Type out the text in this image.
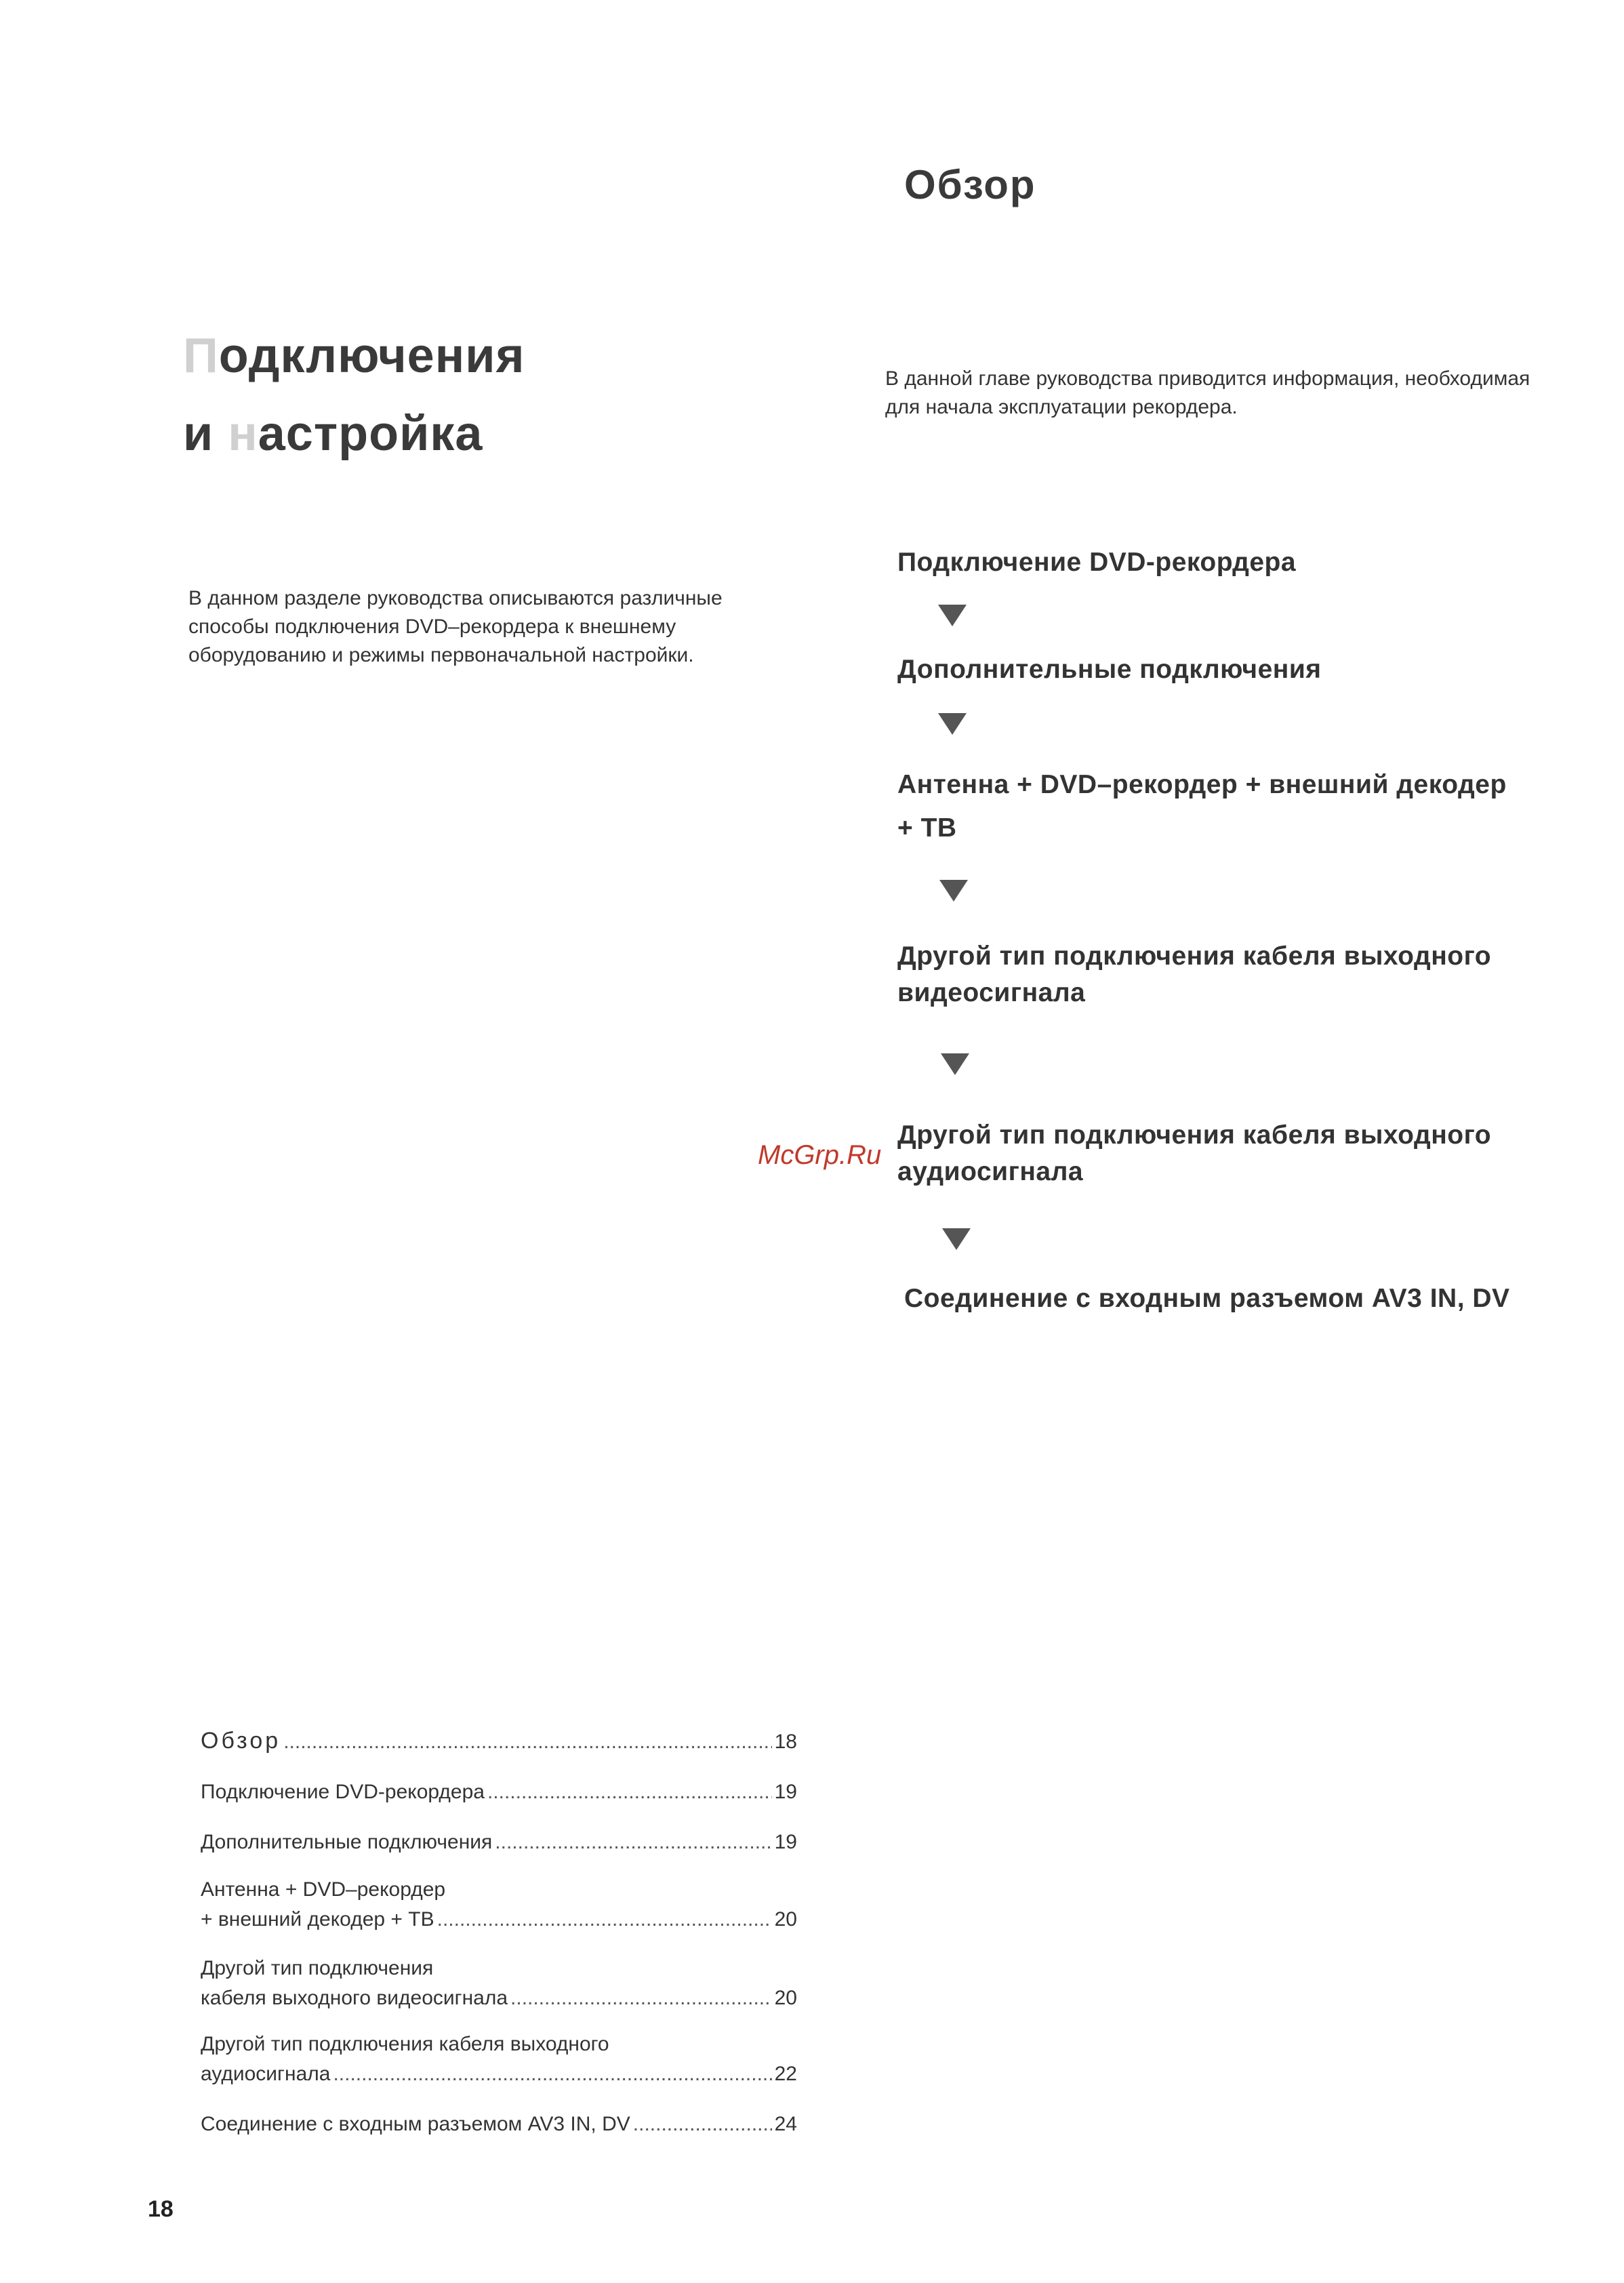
Подключения
и настройка
В данном разделе руководства описываются различные способы подключения DVD–рекордера к внешнему оборудованию и режимы первоначальной настройки.
Обзор
В данной главе руководства приводится информация, необходимая для начала эксплуатации рекордера.
Подключение DVD-рекордера
Дополнительные подключения
Антенна + DVD–рекордер + внешний декодер + ТВ
Другой тип подключения кабеля выходного видеосигнала
Другой тип подключения кабеля выходного аудиосигнала
Соединение с входным разъемом AV3 IN, DV
McGrp.Ru
Обзор .....	18
Подключение DVD-рекордера .....	19
Дополнительные подключения .....	19
Антенна + DVD–рекордер
+ внешний декодер + ТВ .....	20
Другой тип подключения
кабеля выходного видеосигнала .....	20
Другой тип подключения кабеля выходного
аудиосигнала .....	22
Соединение с входным разъемом AV3 IN, DV .....	24
18
